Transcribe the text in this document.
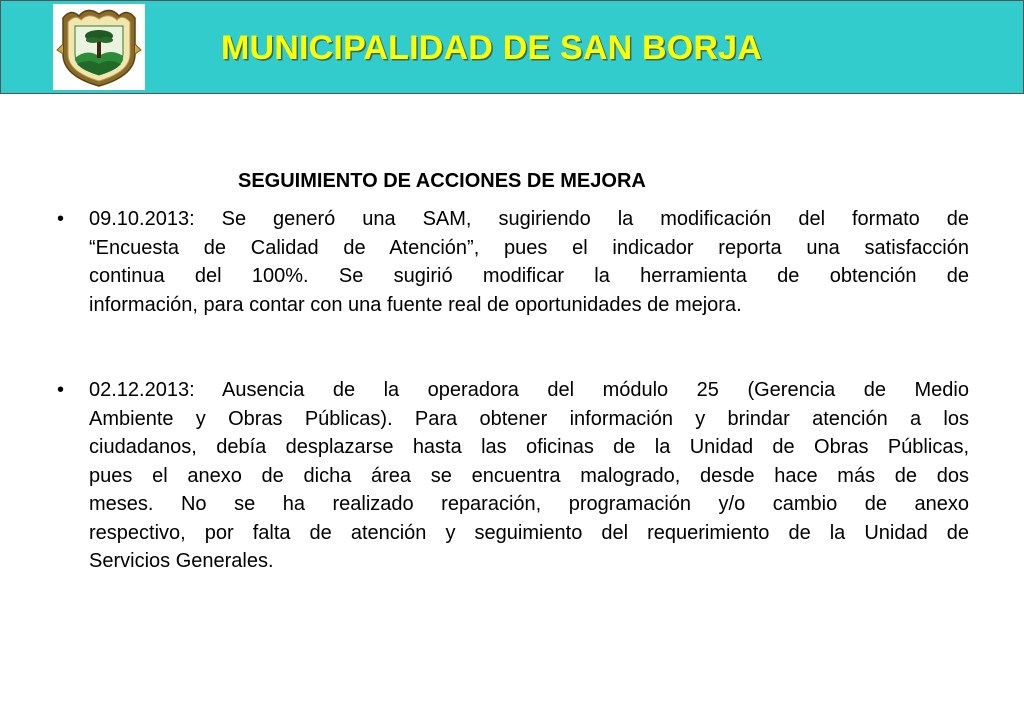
MUNICIPALIDAD DE SAN BORJA
SEGUIMIENTO DE ACCIONES DE MEJORA
• 09.10.2013: Se generó una SAM, sugiriendo la modificación del formato de
“Encuesta de Calidad de Atención”, pues el indicador reporta una satisfacción
continua del 100%. Se sugirió modificar la herramienta de obtención de
información, para contar con una fuente real de oportunidades de mejora.
• 02.12.2013: Ausencia de la operadora del módulo 25 (Gerencia de Medio
Ambiente y Obras Públicas). Para obtener información y brindar atención a los
ciudadanos, debía desplazarse hasta las oficinas de la Unidad de Obras Públicas,
pues el anexo de dicha área se encuentra malogrado, desde hace más de dos
meses. No se ha realizado reparación, programación y/o cambio de anexo
respectivo, por falta de atención y seguimiento del requerimiento de la Unidad de
Servicios Generales.
